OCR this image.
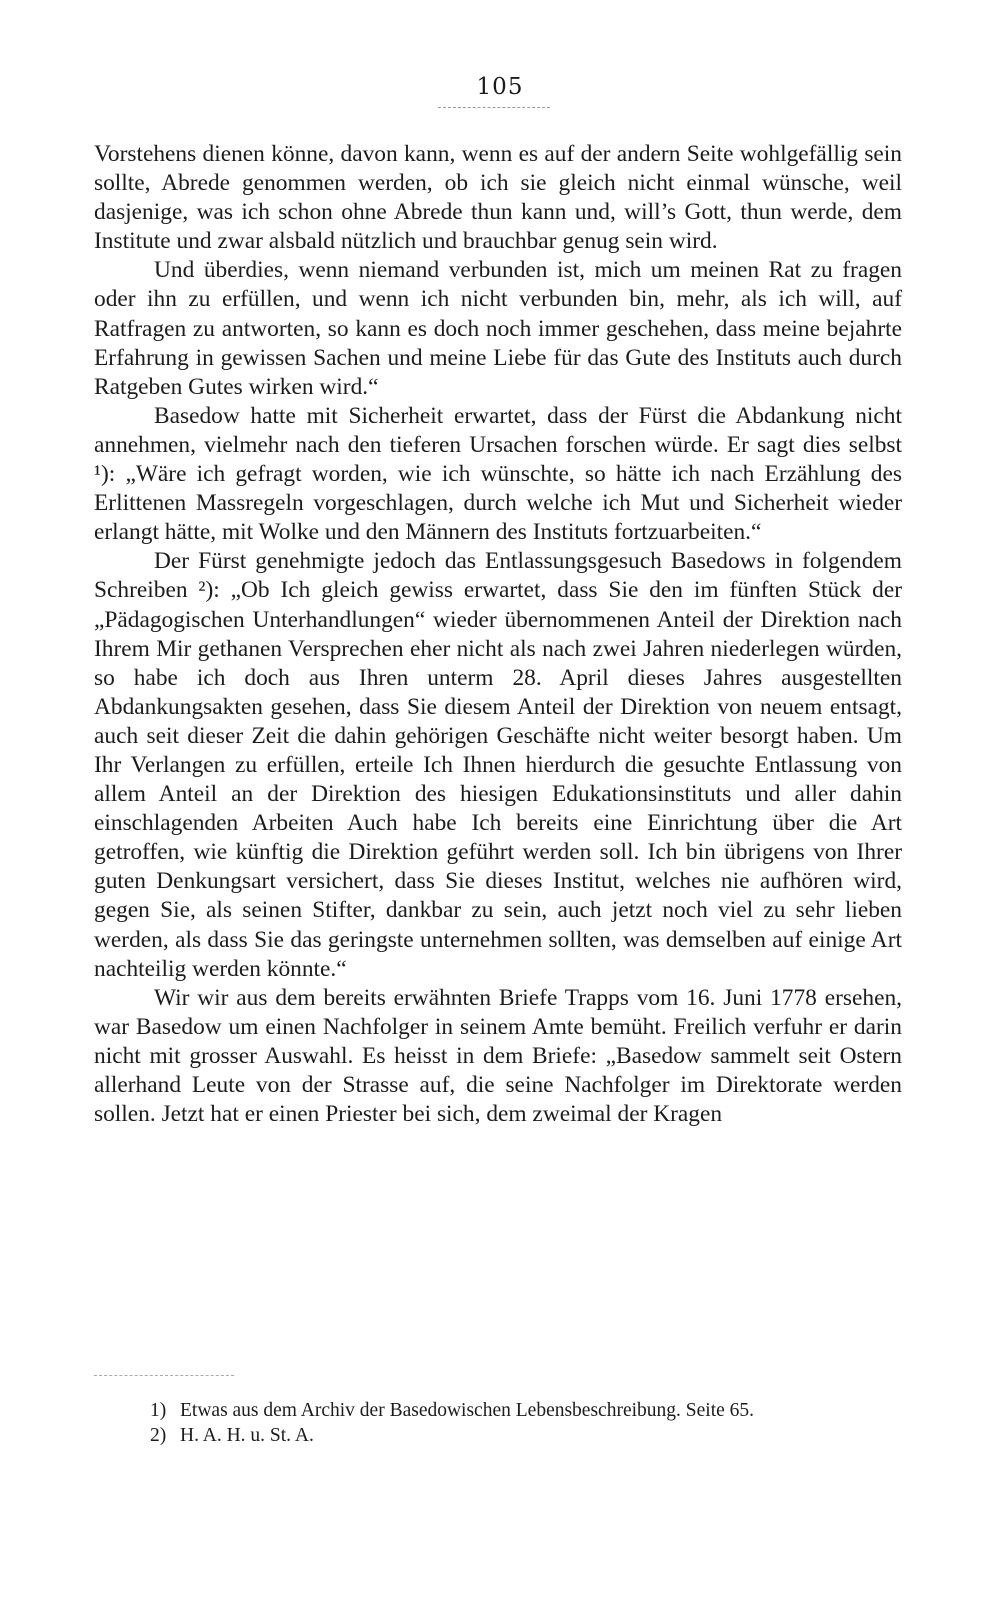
105

Vorstehens dienen könne, davon kann, wenn es auf der andern Seite wohlgefällig sein sollte, Abrede genommen werden, ob ich sie gleich nicht einmal wünsche, weil dasjenige, was ich schon ohne Abrede thun kann und, will’s Gott, thun werde, dem Institute und zwar alsbald nützlich und brauchbar genug sein wird.

Und überdies, wenn niemand verbunden ist, mich um meinen Rat zu fragen oder ihn zu erfüllen, und wenn ich nicht verbunden bin, mehr, als ich will, auf Ratfragen zu antworten, so kann es doch noch immer geschehen, dass meine bejahrte Erfahrung in gewissen Sachen und meine Liebe für das Gute des Instituts auch durch Ratgeben Gutes wirken wird.“

Basedow hatte mit Sicherheit erwartet, dass der Fürst die Abdankung nicht annehmen, vielmehr nach den tieferen Ursachen forschen würde. Er sagt dies selbst ¹): „Wäre ich gefragt worden, wie ich wünschte, so hätte ich nach Erzählung des Erlittenen Massregeln vorgeschlagen, durch welche ich Mut und Sicherheit wieder erlangt hätte, mit Wolke und den Männern des Instituts fortzuarbeiten.“

Der Fürst genehmigte jedoch das Entlassungsgesuch Basedows in folgendem Schreiben ²): „Ob Ich gleich gewiss erwartet, dass Sie den im fünften Stück der „Pädagogischen Unterhandlungen“ wieder übernommenen Anteil der Direktion nach Ihrem Mir gethanen Versprechen eher nicht als nach zwei Jahren niederlegen würden, so habe ich doch aus Ihren unterm 28. April dieses Jahres ausgestellten Abdankungsakten gesehen, dass Sie diesem Anteil der Direktion von neuem entsagt, auch seit dieser Zeit die dahin gehörigen Geschäfte nicht weiter besorgt haben. Um Ihr Verlangen zu erfüllen, erteile Ich Ihnen hierdurch die gesuchte Entlassung von allem Anteil an der Direktion des hiesigen Edukationsinstituts und aller dahin einschlagenden Arbeiten Auch habe Ich bereits eine Einrichtung über die Art getroffen, wie künftig die Direktion geführt werden soll. Ich bin übrigens von Ihrer guten Denkungsart versichert, dass Sie dieses Institut, welches nie aufhören wird, gegen Sie, als seinen Stifter, dankbar zu sein, auch jetzt noch viel zu sehr lieben werden, als dass Sie das geringste unternehmen sollten, was demselben auf einige Art nachteilig werden könnte.“

Wir wir aus dem bereits erwähnten Briefe Trapps vom 16. Juni 1778 ersehen, war Basedow um einen Nachfolger in seinem Amte bemüht. Freilich verfuhr er darin nicht mit grosser Auswahl. Es heisst in dem Briefe: „Basedow sammelt seit Ostern allerhand Leute von der Strasse auf, die seine Nachfolger im Direktorate werden sollen. Jetzt hat er einen Priester bei sich, dem zweimal der Kragen

1) Etwas aus dem Archiv der Basedowischen Lebensbeschreibung. Seite 65.
2) H. A. H. u. St. A.
